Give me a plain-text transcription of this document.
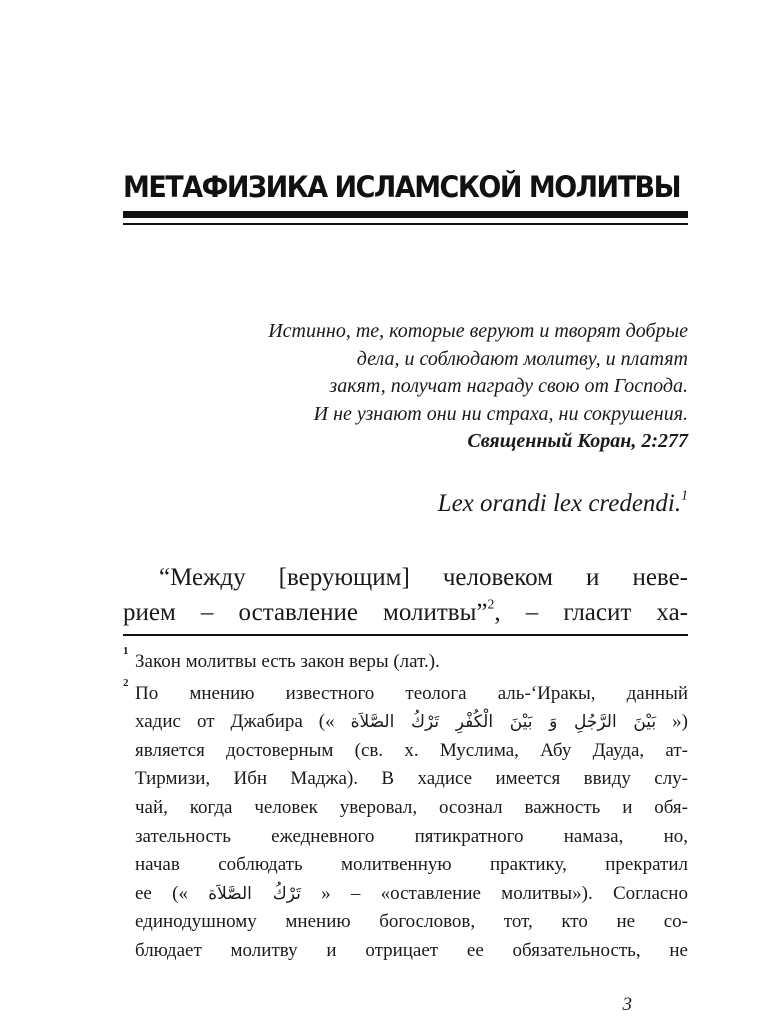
МЕТАФИЗИКА ИСЛАМСКОЙ МОЛИТВЫ
Истинно, те, которые веруют и творят добрые
дела, и соблюдают молитву, и платят
закят, получат награду свою от Господа.
И не узнают они ни страха, ни сокрушения.
Священный Коран, 2:277
Lex orandi lex credendi.$^1$
“Между [верующим] человеком и неве-
рием – оставление молитвы”$^2$, – гласит ха-
1 Закон молитвы есть закон веры (лат.).
2 По мнению известного теолога аль-‘Иракы, данный
хадис от Джабира (« بَيْنَ الرَّجُلِ وَ بَيْنَ الْكُفْرِ تَرْكُ الصَّلاَة »)
является достоверным (св. х. Муслима, Абу Дауда, ат-
Тирмизи, Ибн Маджа). В хадисе имеется ввиду слу-
чай, когда человек уверовал, осознал важность и обя-
зательность ежедневного пятикратного намаза, но,
начав соблюдать молитвенную практику, прекратил
ее (« تَرْكُ الصَّلاَة » – «оставление молитвы»). Согласно
единодушному мнению богословов, тот, кто не со-
блюдает молитву и отрицает ее обязательность, не
3
